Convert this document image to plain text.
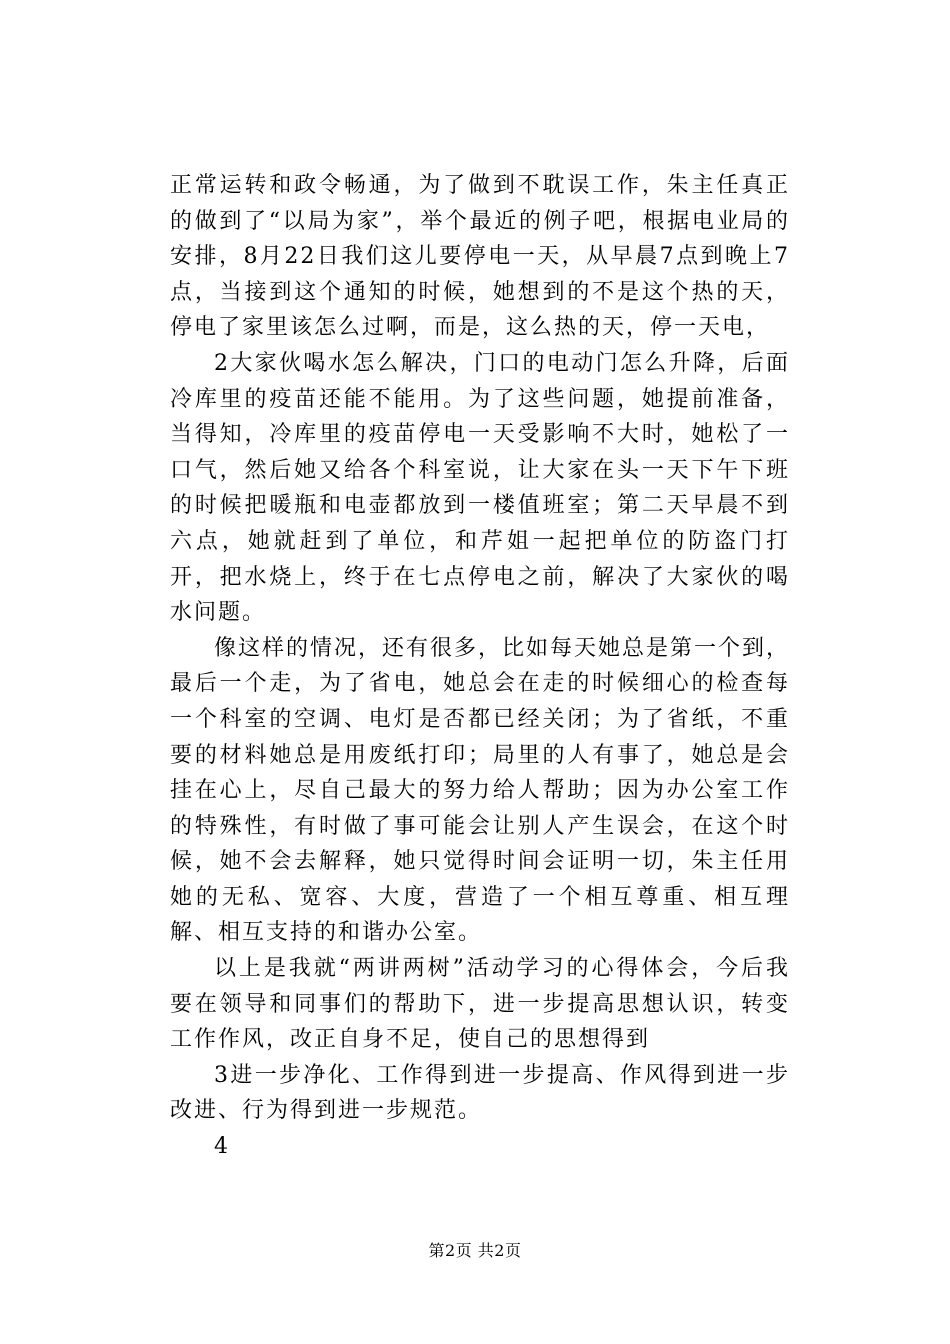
正常运转和政令畅通，为了做到不耽误工作，朱主任真正的做到了“以局为家”，举个最近的例子吧，根据电业局的安排，8月22日我们这儿要停电一天，从早晨7点到晚上7点，当接到这个通知的时候，她想到的不是这个热的天，停电了家里该怎么过啊，而是，这么热的天，停一天电，

2大家伙喝水怎么解决，门口的电动门怎么升降，后面冷库里的疫苗还能不能用。为了这些问题，她提前准备，当得知，冷库里的疫苗停电一天受影响不大时，她松了一口气，然后她又给各个科室说，让大家在头一天下午下班的时候把暖瓶和电壶都放到一楼值班室；第二天早晨不到六点，她就赶到了单位，和芹姐一起把单位的防盗门打开，把水烧上，终于在七点停电之前，解决了大家伙的喝水问题。

像这样的情况，还有很多，比如每天她总是第一个到，最后一个走，为了省电，她总会在走的时候细心的检查每一个科室的空调、电灯是否都已经关闭；为了省纸，不重要的材料她总是用废纸打印；局里的人有事了，她总是会挂在心上，尽自己最大的努力给人帮助；因为办公室工作的特殊性，有时做了事可能会让别人产生误会，在这个时候，她不会去解释，她只觉得时间会证明一切，朱主任用她的无私、宽容、大度，营造了一个相互尊重、相互理解、相互支持的和谐办公室。

以上是我就“两讲两树”活动学习的心得体会，今后我要在领导和同事们的帮助下，进一步提高思想认识，转变工作作风，改正自身不足，使自己的思想得到

3进一步净化、工作得到进一步提高、作风得到进一步改进、行为得到进一步规范。

4

第2页 共2页
